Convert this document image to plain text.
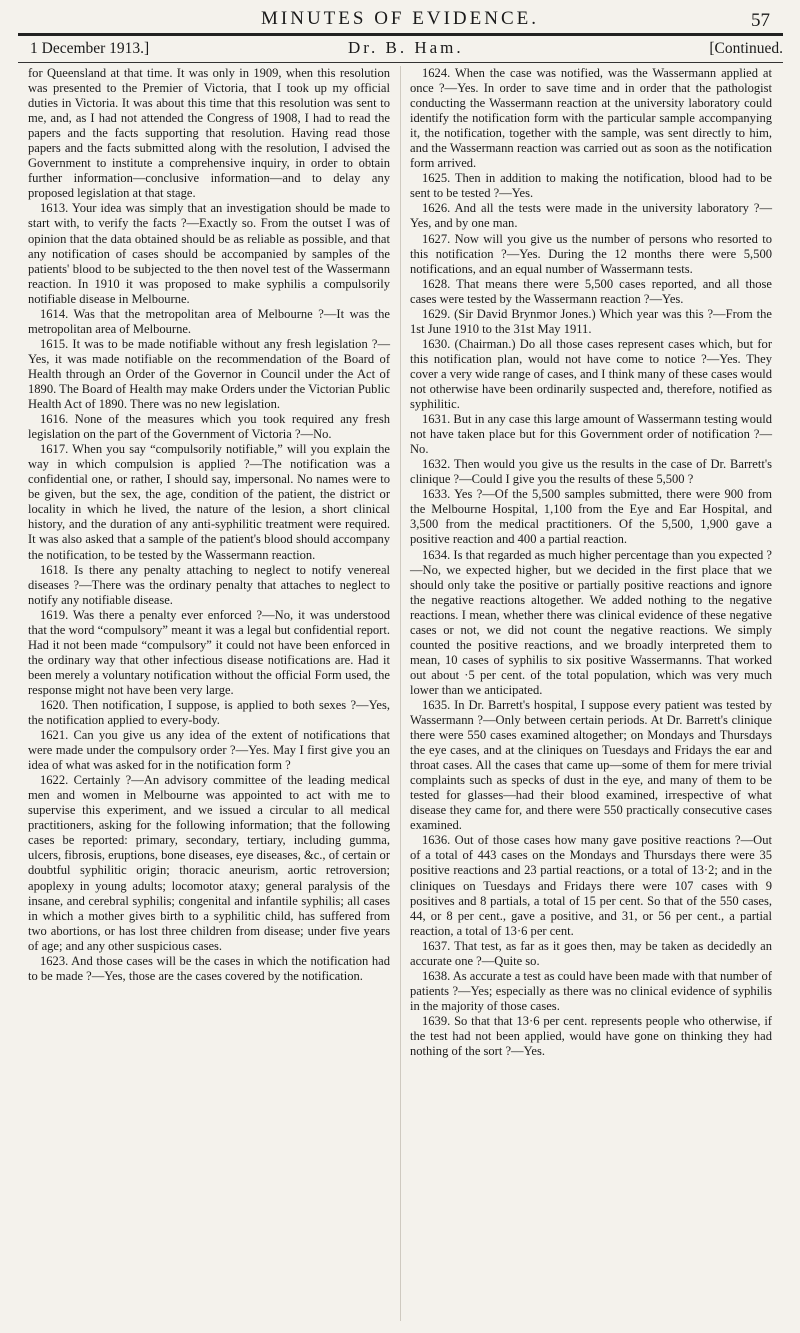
MINUTES OF EVIDENCE.	57
1 December 1913.]	Dr. B. Ham.	[Continued.

for Queensland at that time. It was only in 1909, when this resolution was presented to the Premier of Victoria, that I took up my official duties in Victoria. It was about this time that this resolution was sent to me, and, as I had not attended the Congress of 1908, I had to read the papers and the facts supporting that resolution. Having read those papers and the facts submitted along with the resolution, I advised the Government to institute a comprehensive inquiry, in order to obtain further information—conclusive information—and to delay any proposed legislation at that stage.

1613. Your idea was simply that an investigation should be made to start with, to verify the facts ?—Exactly so. From the outset I was of opinion that the data obtained should be as reliable as possible, and that any notification of cases should be accompanied by samples of the patients' blood to be subjected to the then novel test of the Wassermann reaction. In 1910 it was proposed to make syphilis a compulsorily notifiable disease in Melbourne.

1614. Was that the metropolitan area of Melbourne ?—It was the metropolitan area of Melbourne.

1615. It was to be made notifiable without any fresh legislation ?—Yes, it was made notifiable on the recommendation of the Board of Health through an Order of the Governor in Council under the Act of 1890. The Board of Health may make Orders under the Victorian Public Health Act of 1890. There was no new legislation.

1616. None of the measures which you took required any fresh legislation on the part of the Government of Victoria ?—No.

1617. When you say “compulsorily notifiable,” will you explain the way in which compulsion is applied ?—The notification was a confidential one, or rather, I should say, impersonal. No names were to be given, but the sex, the age, condition of the patient, the district or locality in which he lived, the nature of the lesion, a short clinical history, and the duration of any anti-syphilitic treatment were required. It was also asked that a sample of the patient's blood should accompany the notification, to be tested by the Wassermann reaction.

1618. Is there any penalty attaching to neglect to notify venereal diseases ?—There was the ordinary penalty that attaches to neglect to notify any notifiable disease.

1619. Was there a penalty ever enforced ?—No, it was understood that the word “compulsory” meant it was a legal but confidential report. Had it not been made “compulsory” it could not have been enforced in the ordinary way that other infectious disease notifications are. Had it been merely a voluntary notification without the official Form used, the response might not have been very large.

1620. Then notification, I suppose, is applied to both sexes ?—Yes, the notification applied to every-body.

1621. Can you give us any idea of the extent of notifications that were made under the compulsory order ?—Yes. May I first give you an idea of what was asked for in the notification form ?

1622. Certainly ?—An advisory committee of the leading medical men and women in Melbourne was appointed to act with me to supervise this experiment, and we issued a circular to all medical practitioners, asking for the following information; that the following cases be reported: primary, secondary, tertiary, including gumma, ulcers, fibrosis, eruptions, bone diseases, eye diseases, &c., of certain or doubtful syphilitic origin; thoracic aneurism, aortic retroversion; apoplexy in young adults; locomotor ataxy; general paralysis of the insane, and cerebral syphilis; congenital and infantile syphilis; all cases in which a mother gives birth to a syphilitic child, has suffered from two abortions, or has lost three children from disease; under five years of age; and any other suspicious cases.

1623. And those cases will be the cases in which the notification had to be made ?—Yes, those are the cases covered by the notification.

1624. When the case was notified, was the Wassermann applied at once ?—Yes. In order to save time and in order that the pathologist conducting the Wassermann reaction at the university laboratory could identify the notification form with the particular sample accompanying it, the notification, together with the sample, was sent directly to him, and the Wassermann reaction was carried out as soon as the notification form arrived.

1625. Then in addition to making the notification, blood had to be sent to be tested ?—Yes.

1626. And all the tests were made in the university laboratory ?—Yes, and by one man.

1627. Now will you give us the number of persons who resorted to this notification ?—Yes. During the 12 months there were 5,500 notifications, and an equal number of Wassermann tests.

1628. That means there were 5,500 cases reported, and all those cases were tested by the Wassermann reaction ?—Yes.

1629. (Sir David Brynmor Jones.) Which year was this ?—From the 1st June 1910 to the 31st May 1911.

1630. (Chairman.) Do all those cases represent cases which, but for this notification plan, would not have come to notice ?—Yes. They cover a very wide range of cases, and I think many of these cases would not otherwise have been ordinarily suspected and, therefore, notified as syphilitic.

1631. But in any case this large amount of Wassermann testing would not have taken place but for this Government order of notification ?—No.

1632. Then would you give us the results in the case of Dr. Barrett's clinique ?—Could I give you the results of these 5,500 ?

1633. Yes ?—Of the 5,500 samples submitted, there were 900 from the Melbourne Hospital, 1,100 from the Eye and Ear Hospital, and 3,500 from the medical practitioners. Of the 5,500, 1,900 gave a positive reaction and 400 a partial reaction.

1634. Is that regarded as much higher percentage than you expected ?—No, we expected higher, but we decided in the first place that we should only take the positive or partially positive reactions and ignore the negative reactions altogether. We added nothing to the negative reactions. I mean, whether there was clinical evidence of these negative cases or not, we did not count the negative reactions. We simply counted the positive reactions, and we broadly interpreted them to mean, 10 cases of syphilis to six positive Wassermanns. That worked out about ·5 per cent. of the total population, which was very much lower than we anticipated.

1635. In Dr. Barrett's hospital, I suppose every patient was tested by Wassermann ?—Only between certain periods. At Dr. Barrett's clinique there were 550 cases examined altogether; on Mondays and Thursdays the eye cases, and at the cliniques on Tuesdays and Fridays the ear and throat cases. All the cases that came up—some of them for mere trivial complaints such as specks of dust in the eye, and many of them to be tested for glasses—had their blood examined, irrespective of what disease they came for, and there were 550 practically consecutive cases examined.

1636. Out of those cases how many gave positive reactions ?—Out of a total of 443 cases on the Mondays and Thursdays there were 35 positive reactions and 23 partial reactions, or a total of 13·2; and in the cliniques on Tuesdays and Fridays there were 107 cases with 9 positives and 8 partials, a total of 15 per cent. So that of the 550 cases, 44, or 8 per cent., gave a positive, and 31, or 56 per cent., a partial reaction, a total of 13·6 per cent.

1637. That test, as far as it goes then, may be taken as decidedly an accurate one ?—Quite so.

1638. As accurate a test as could have been made with that number of patients ?—Yes; especially as there was no clinical evidence of syphilis in the majority of those cases.

1639. So that that 13·6 per cent. represents people who otherwise, if the test had not been applied, would have gone on thinking they had nothing of the sort ?—Yes.
